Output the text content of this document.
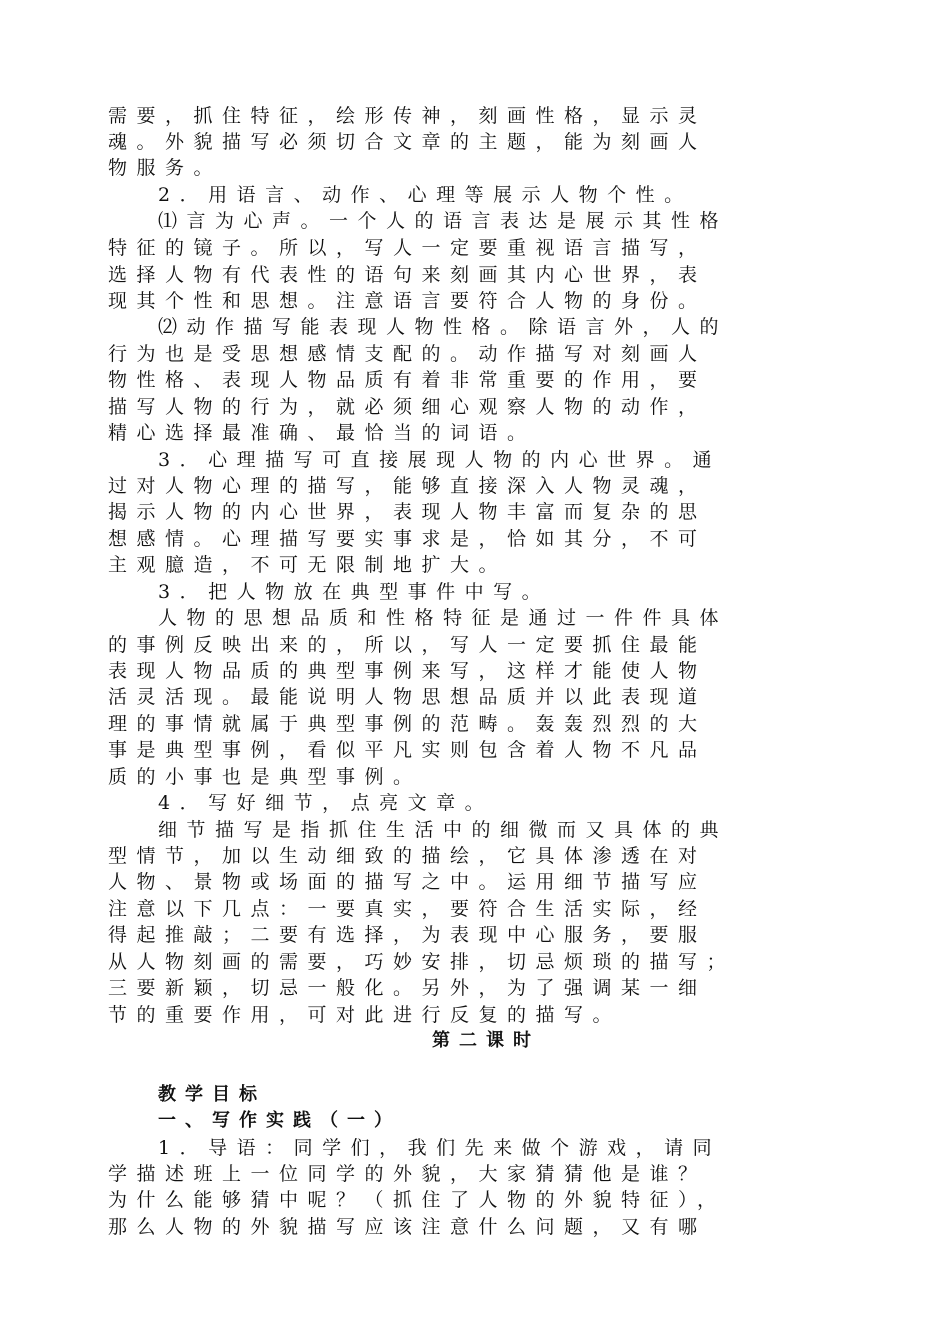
需要，抓住特征，绘形传神，刻画性格，显示灵
魂。外貌描写必须切合文章的主题，能为刻画人
物服务。
2．用语言、动作、心理等展示人物个性。
⑴言为心声。一个人的语言表达是展示其性格
特征的镜子。所以，写人一定要重视语言描写，
选择人物有代表性的语句来刻画其内心世界，表
现其个性和思想。注意语言要符合人物的身份。
⑵动作描写能表现人物性格。除语言外，人的
行为也是受思想感情支配的。动作描写对刻画人
物性格、表现人物品质有着非常重要的作用，要
描写人物的行为，就必须细心观察人物的动作，
精心选择最准确、最恰当的词语。
3．心理描写可直接展现人物的内心世界。通
过对人物心理的描写，能够直接深入人物灵魂，
揭示人物的内心世界，表现人物丰富而复杂的思
想感情。心理描写要实事求是，恰如其分，不可
主观臆造，不可无限制地扩大。
3．把人物放在典型事件中写。
人物的思想品质和性格特征是通过一件件具体
的事例反映出来的，所以，写人一定要抓住最能
表现人物品质的典型事例来写，这样才能使人物
活灵活现。最能说明人物思想品质并以此表现道
理的事情就属于典型事例的范畴。轰轰烈烈的大
事是典型事例，看似平凡实则包含着人物不凡品
质的小事也是典型事例。
4．写好细节，点亮文章。
细节描写是指抓住生活中的细微而又具体的典
型情节，加以生动细致的描绘，它具体渗透在对
人物、景物或场面的描写之中。运用细节描写应
注意以下几点：一要真实，要符合生活实际，经
得起推敲；二要有选择，为表现中心服务，要服
从人物刻画的需要，巧妙安排，切忌烦琐的描写；
三要新颖，切忌一般化。另外，为了强调某一细
节的重要作用，可对此进行反复的描写。
第二课时
教学目标
一、写作实践（一）
1．导语：同学们，我们先来做个游戏，请同
学描述班上一位同学的外貌，大家猜猜他是谁？
为什么能够猜中呢？（抓住了人物的外貌特征），
那么人物的外貌描写应该注意什么问题，又有哪
